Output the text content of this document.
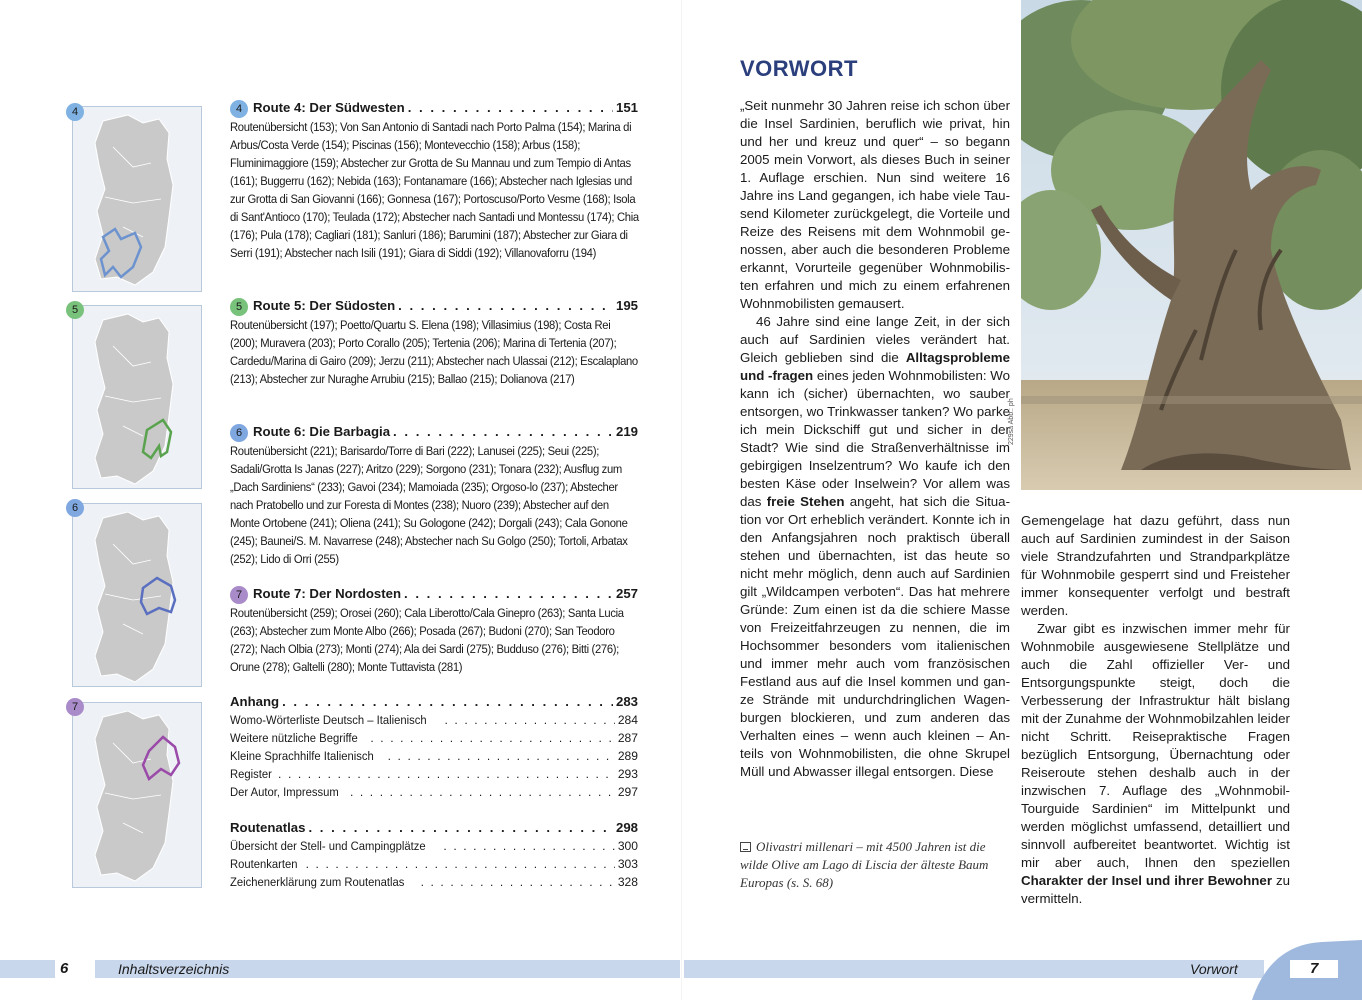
4
5
6
7
4 Route 4: Der Südwesten . . .	151
Routenübersicht (153); Von San Antonio di Santadi nach Porto Palma (154); Marina di Arbus/Costa Verde (154); Piscinas (156); Montevecchio (158); Arbus (158); Fluminimaggiore (159); Abstecher zur Grotta de Su Mannau und zum Tempio di Antas (161); Buggerru (162); Nebida (163); Fontanamare (166); Abstecher nach Iglesias und zur Grotta di San Giovanni (166); Gonnesa (167); Portoscuso/Porto Vesme (168); Isola di Sant'Antioco (170); Teulada (172); Abstecher nach Santadi und Montessu (174); Chia (176); Pula (178); Cagliari (181); Sanluri (186); Barumini (187); Abstecher zur Giara di Serri (191); Abstecher nach Isili (191); Giara di Siddi (192); Villanovaforru (194)
5 Route 5: Der Südosten . . .	195
Routenübersicht (197); Poetto/Quartu S. Elena (198); Villasimius (198); Costa Rei (200); Muravera (203); Porto Corallo (205); Tertenia (206); Marina di Tertenia (207); Cardedu/Marina di Gairo (209); Jerzu (211); Abstecher nach Ulassai (212); Escalaplano (213); Abstecher zur Nuraghe Arrubiu (215); Ballao (215); Dolianova (217)
6 Route 6: Die Barbagia . . .	219
Routenübersicht (221); Barisardo/Torre di Bari (222); Lanusei (225); Seui (225); Sadali/Grotta Is Janas (227); Aritzo (229); Sorgono (231); Tonara (232); Ausflug zum „Dach Sardiniens“ (233); Gavoi (234); Mamoiada (235); Orgoso-lo (237); Abstecher nach Pratobello und zur Foresta di Montes (238); Nuoro (239); Abstecher auf den Monte Ortobene (241); Oliena (241); Su Gologone (242); Dorgali (243); Cala Gonone (245); Baunei/S. M. Navarrese (248); Abstecher nach Su Golgo (250); Tortoli, Arbatax (252); Lido di Orri (255)
7 Route 7: Der Nordosten . . .	257
Routenübersicht (259); Orosei (260); Cala Liberotto/Cala Ginepro (263); Santa Lucia (263); Abstecher zum Monte Albo (266); Posada (267); Budoni (270); San Teodoro (272); Nach Olbia (273); Monti (274); Ala dei Sardi (275); Budduso (276); Bitti (276); Orune (278); Galtelli (280); Monte Tuttavista (281)
Anhang . . .	283
Womo-Wörterliste Deutsch – Italienisch . . .	284
Weitere nützliche Begriffe . . .	287
Kleine Sprachhilfe Italienisch . . .	289
Register . . .	293
Der Autor, Impressum . . .	297
Routenatlas . . .	298
Übersicht der Stell- und Campingplätze . . .	300
Routenkarten . . .	303
Zeichenerklärung zum Routenatlas . . .	328
VORWORT

„Seit nunmehr 30 Jahren reise ich schon über die Insel Sardinien, beruflich wie privat, hin und her und kreuz und quer“ – so begann 2005 mein Vorwort, als dieses Buch in seiner 1. Auflage erschien. Nun sind weitere 16 Jahre ins Land gegangen, ich habe viele Tausend Kilometer zurückgelegt, die Vorteile und Reize des Reisens mit dem Wohnmobil genossen, aber auch die besonderen Probleme erkannt, Vorurteile gegenüber Wohnmobilisten erfahren und mich zu einem erfahrenen Wohnmobilisten gemausert.

46 Jahre sind eine lange Zeit, in der sich auch auf Sardinien vieles verändert hat. Gleich geblieben sind die Alltagsprobleme und -fragen eines jeden Wohnmobilisten: Wo kann ich (sicher) übernachten, wo sauber entsorgen, wo Trinkwasser tanken? Wo parke ich mein Dickschiff gut und sicher in der Stadt? Wie sind die Straßenverhältnisse im gebirgigen Inselzentrum? Wo kaufe ich den besten Käse oder Inselwein? Vor allem was das freie Stehen angeht, hat sich die Situation vor Ort erheblich verändert. Konnte ich in den Anfangsjahren noch praktisch überall stehen und übernachten, ist das heute so nicht mehr möglich, denn auch auf Sardinien gilt „Wildcampen verboten“. Das hat mehrere Gründe: Zum einen ist da die schiere Masse von Freizeitfahrzeugen zu nennen, die im Hochsommer besonders vom italienischen und immer mehr auch vom französischen Festland aus auf die Insel kommen und ganze Strände mit undurchdringlichen Wagenburgen blockieren, und zum anderen das Verhalten eines – wenn auch kleinen – Anteils von Wohnmobilisten, die ohne Skrupel Müll und Abwasser illegal entsorgen. Diese

Gemengelage hat dazu geführt, dass nun auch auf Sardinien zumindest in der Saison viele Strandzufahrten und Strandparkplätze für Wohnmobile gesperrt sind und Freisteher immer konsequenter verfolgt und bestraft werden.

Zwar gibt es inzwischen immer mehr für Wohnmobile ausgewiesene Stellplätze und auch die Zahl offizieller Ver- und Entsorgungspunkte steigt, doch die Verbesserung der Infrastruktur hält bislang mit der Zunahme der Wohnmobilzahlen leider nicht Schritt. Reisepraktische Fragen bezüglich Entsorgung, Übernachtung oder Reiseroute stehen deshalb auch in der inzwischen 7. Auflage des „Wohnmobil-Tourguide Sardinien“ im Mittelpunkt und werden möglichst umfassend, detailliert und sinnvoll aufbereitet beantwortet. Wichtig ist mir aber auch, Ihnen den speziellen Charakter der Insel und ihrer Bewohner zu vermitteln.

229sa Abb.: ph
Olivastri millenari – mit 4500 Jahren ist die wilde Olive am Lago di Liscia der älteste Baum Europas (s. S. 68)
6	Inhaltsverzeichnis	Vorwort	7
